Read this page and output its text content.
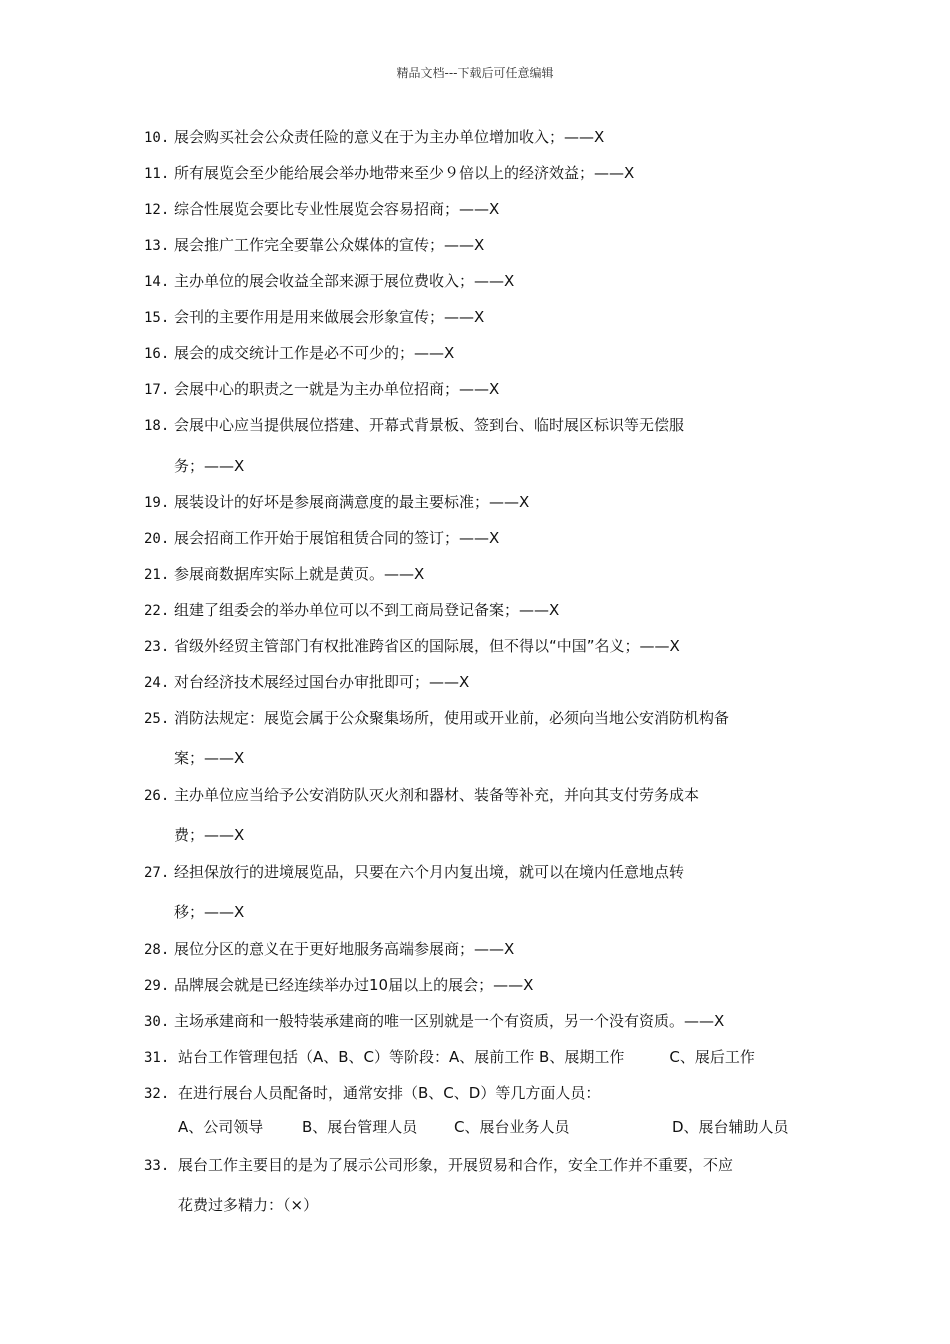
精品文档---下载后可任意编辑
10. 展会购买社会公众责任险的意义在于为主办单位增加收入；——X
11. 所有展览会至少能给展会举办地带来至少９倍以上的经济效益；——X
12. 综合性展览会要比专业性展览会容易招商；——X
13. 展会推广工作完全要靠公众媒体的宣传；——X
14. 主办单位的展会收益全部来源于展位费收入；——X
15. 会刊的主要作用是用来做展会形象宣传；——X
16. 展会的成交统计工作是必不可少的；——X
17. 会展中心的职责之一就是为主办单位招商；——X
18. 会展中心应当提供展位搭建、开幕式背景板、签到台、临时展区标识等无偿服
务；——X
19. 展装设计的好坏是参展商满意度的最主要标准；——X
20. 展会招商工作开始于展馆租赁合同的签订；——X
21. 参展商数据库实际上就是黄页。——X
22. 组建了组委会的举办单位可以不到工商局登记备案；——X
23. 省级外经贸主管部门有权批准跨省区的国际展，但不得以“中国”名义；——X
24. 对台经济技术展经过国台办审批即可；——X
25. 消防法规定：展览会属于公众聚集场所，使用或开业前，必须向当地公安消防机构备
案；——X
26. 主办单位应当给予公安消防队灭火剂和器材、装备等补充，并向其支付劳务成本
费；——X
27. 经担保放行的进境展览品，只要在六个月内复出境，就可以在境内任意地点转
移；——X
28. 展位分区的意义在于更好地服务高端参展商；——X
29. 品牌展会就是已经连续举办过10届以上的展会；——X
30. 主场承建商和一般特装承建商的唯一区别就是一个有资质，另一个没有资质。——X
31. 站台工作管理包括（A、B、C）等阶段：A、展前工作 B、展期工作　　　C、展后工作
32. 在进行展台人员配备时，通常安排（B、C、D）等几方面人员：
A、公司领导	B、展台管理人员 C、展台业务人员	D、展台辅助人员
33. 展台工作主要目的是为了展示公司形象，开展贸易和合作，安全工作并不重要，不应
花费过多精力：（×）
